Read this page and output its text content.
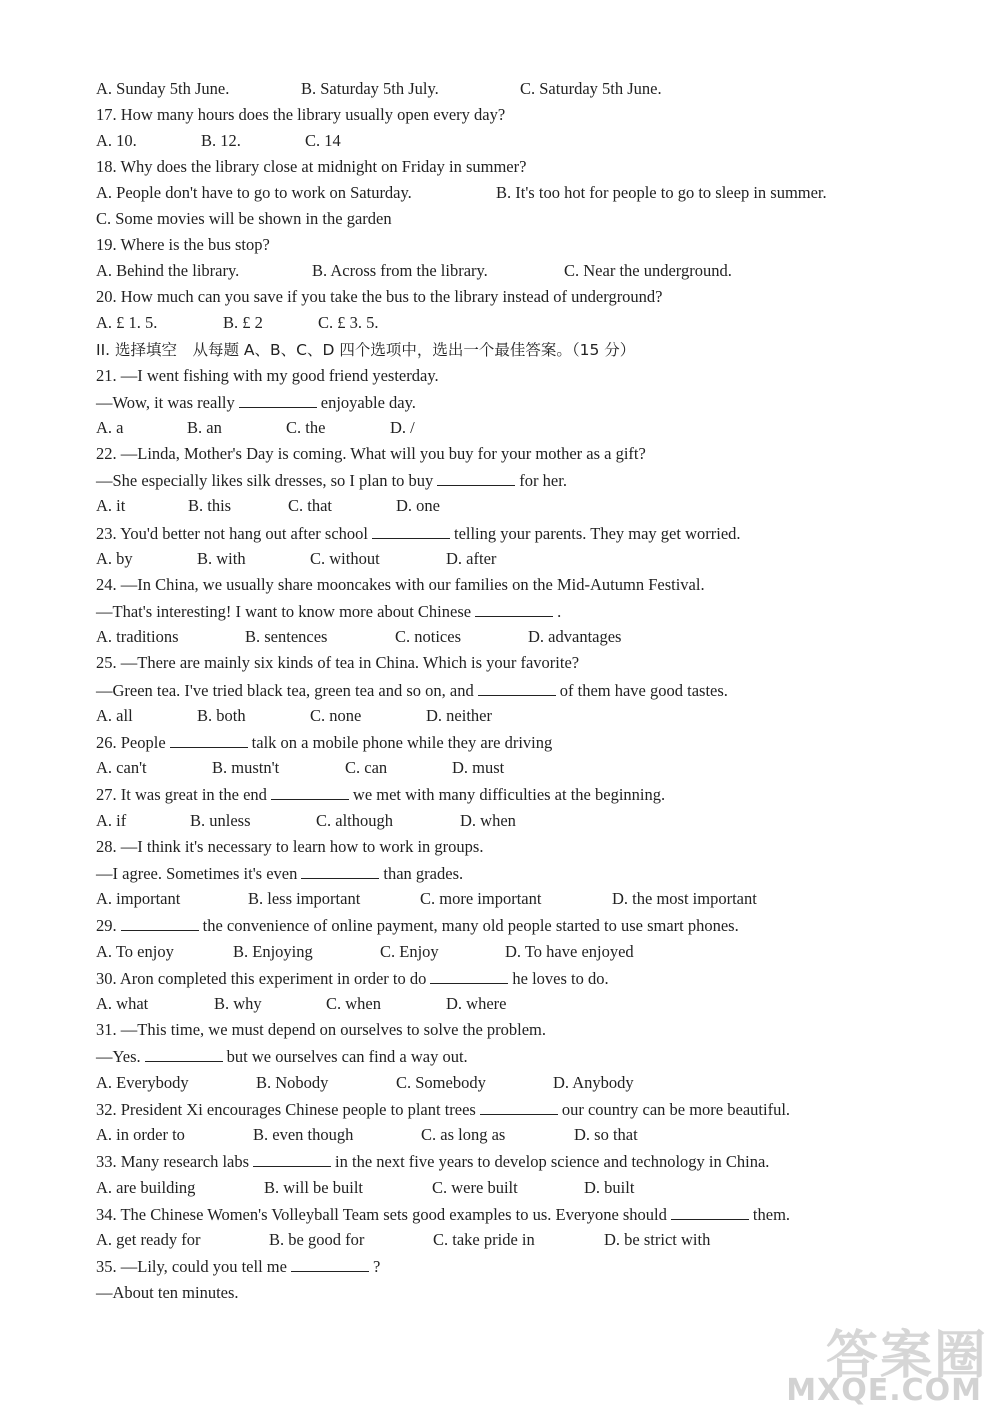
A. Sunday 5th June.	B. Saturday 5th July.	C. Saturday 5th June.
17. How many hours does the library usually open every day?
A. 10.	B. 12.	C. 14
18. Why does the library close at midnight on Friday in summer?
A. People don't have to go to work on Saturday.	B. It's too hot for people to go to sleep in summer.
C. Some movies will be shown in the garden
19. Where is the bus stop?
A. Behind the library.	B. Across from the library.	C. Near the underground.
20. How much can you save if you take the bus to the library instead of underground?
A. £ 1. 5.	B. £ 2	C. £ 3. 5.
II. 选择填空　从每题 A、B、C、D 四个选项中，选出一个最佳答案。（15 分）
21. —I went fishing with my good friend yesterday.
—Wow, it was really	enjoyable day.
A. a	B. an	C. the	D. /
22. —Linda, Mother's Day is coming. What will you buy for your mother as a gift?
—She especially likes silk dresses, so I plan to buy	for her.
A. it	B. this	C. that	D. one
23. You'd better not hang out after school	telling your parents. They may get worried.
A. by	B. with	C. without	D. after
24. —In China, we usually share mooncakes with our families on the Mid-Autumn Festival.
—That's interesting! I want to know more about Chinese	.
A. traditions	B. sentences	C. notices	D. advantages
25. —There are mainly six kinds of tea in China. Which is your favorite?
—Green tea. I've tried black tea, green tea and so on, and	of them have good tastes.
A. all	B. both	C. none	D. neither
26. People	talk on a mobile phone while they are driving
A. can't	B. mustn't	C. can	D. must
27. It was great in the end	we met with many difficulties at the beginning.
A. if	B. unless	C. although	D. when
28. —I think it's necessary to learn how to work in groups.
—I agree. Sometimes it's even	than grades.
A. important	B. less important	C. more important	D. the most important
29.	the convenience of online payment, many old people started to use smart phones.
A. To enjoy	B. Enjoying	C. Enjoy	D. To have enjoyed
30. Aron completed this experiment in order to do	he loves to do.
A. what	B. why	C. when	D. where
31. —This time, we must depend on ourselves to solve the problem.
—Yes.	but we ourselves can find a way out.
A. Everybody	B. Nobody	C. Somebody	D. Anybody
32. President Xi encourages Chinese people to plant trees	our country can be more beautiful.
A. in order to	B. even though	C. as long as	D. so that
33. Many research labs	in the next five years to develop science and technology in China.
A. are building	B. will be built	C. were built	D. built
34. The Chinese Women's Volleyball Team sets good examples to us. Everyone should	them.
A. get ready for	B. be good for	C. take pride in	D. be strict with
35. —Lily, could you tell me	?
—About ten minutes.
答案圈
MXQE.COM
